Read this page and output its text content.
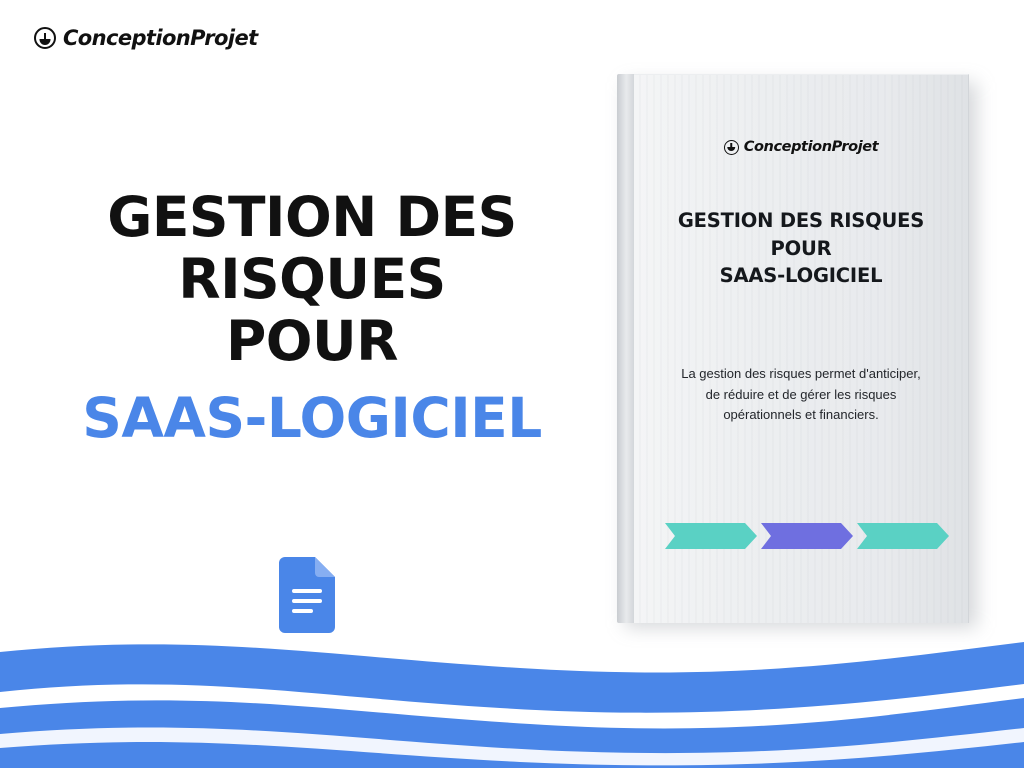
ConceptionProjet
GESTION DES RISQUES
POUR
SAAS-LOGICIEL
ConceptionProjet
GESTION DES RISQUES
POUR
SAAS-LOGICIEL
La gestion des risques permet d'anticiper, de réduire et de gérer les risques opérationnels et financiers.
